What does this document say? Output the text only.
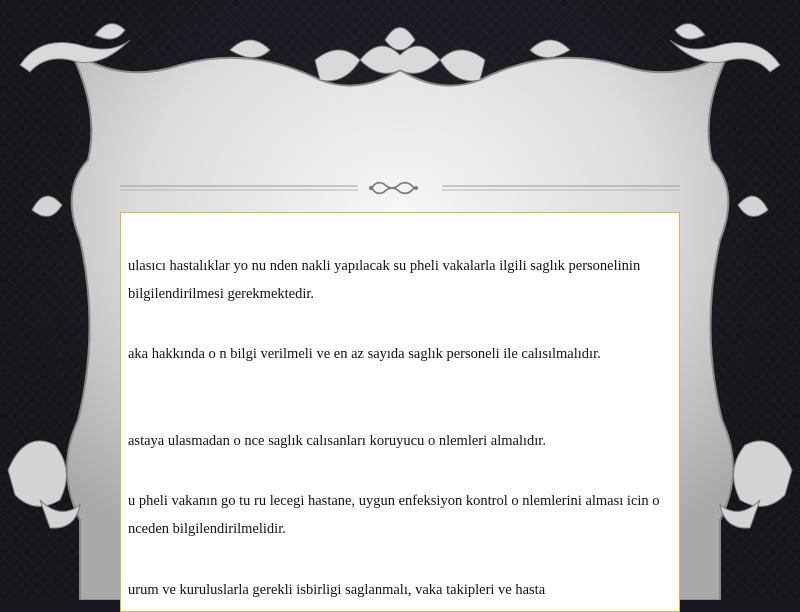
ulasıcı hastalıklar yo nu nden nakli yapılacak su pheli vakalarla ilgili saglık personelinin bilgilendirilmesi gerekmektedir.

aka hakkında o n bilgi verilmeli ve en az sayıda saglık personeli ile calısılmalıdır.

astaya ulasmadan o nce saglık calısanları koruyucu o nlemleri almalıdır.

u pheli vakanın go tu ru lecegi hastane, uygun enfeksiyon kontrol o nlemlerini alması icin o nceden bilgilendirilmelidir.

urum ve kuruluslarla gerekli isbirligi saglanmalı, vaka takipleri ve hasta
